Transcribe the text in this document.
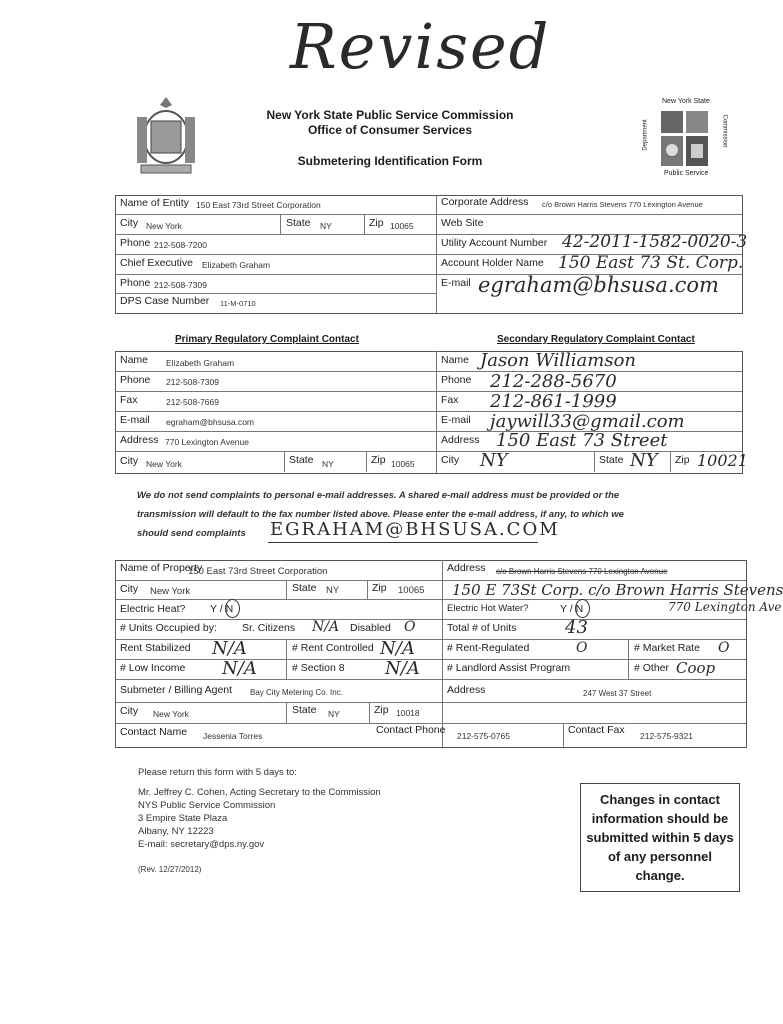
Revised
New York State Public Service Commission
Office of Consumer Services
Submetering Identification Form
New York State
Department	Commission
Public Service
Name of Entity 150 East 73rd Street Corporation
City New York	State NY	Zip 10065
Phone 212-508-7200
Chief Executive Elizabeth Graham
Phone 212-508-7309
DPS Case Number 11-M-0710
Corporate Address c/o Brown Harris Stevens 770 Lexington Avenue
Web Site
Utility Account Number 42-2011-1582-0020-3
Account Holder Name 150 East 73 St. Corp.
E-mail egraham@bhsusa.com
Primary Regulatory Complaint Contact	Secondary Regulatory Complaint Contact
Name Elizabeth Graham
Phone 212-508-7309
Fax	212-508-7669
E-mail egraham@bhsusa.com
Address 770 Lexington Avenue
City New York	State NY	Zip 10065
Name Jason Williamson
Phone 212-288-5670
Fax 212-861-1999
E-mail jaywill33@gmail.com
Address 150 East 73 Street
City NY	State NY Zip 10021
We do not send complaints to personal e-mail addresses. A shared e-mail address must be provided or the
transmission will default to the fax number listed above. Please enter the e-mail address, if any, to which we
should send complaints EGRAHAM@BHSUSA.COM
Name of Property
150 East 73rd Street Corporation
City New York	State NY	Zip 10065
Electric Heat? Y / N
# Units Occupied by: Sr. Citizens N/A Disabled O
Rent Stabilized N/A	# Rent Controlled N/A
# Low Income N/A	# Section 8 N/A
Address c/o Brown Harris Stevens 770 Lexington Avenue
150 E 73St Corp. c/o Brown Harris Stevens
Electric Hot Water?	Y / N	770 Lexington Ave
Total # of Units	43
# Rent-Regulated	O	# Market Rate O
# Landlord Assist Program	# Other Coop
Submeter / Billing Agent Bay City Metering Co. Inc.	Address	247 West 37 Street
City New York	State NY	Zip 10018
Contact Name Jessenia Torres	Contact Phone 212-575-0765	Contact Fax 212-575-9321
Please return this form with 5 days to:
Mr. Jeffrey C. Cohen, Acting Secretary to the Commission
NYS Public Service Commission
3 Empire State Plaza
Albany, NY 12223
E-mail: secretary@dps.ny.gov
(Rev. 12/27/2012)
Changes in contact information should be submitted within 5 days of any personnel change.
